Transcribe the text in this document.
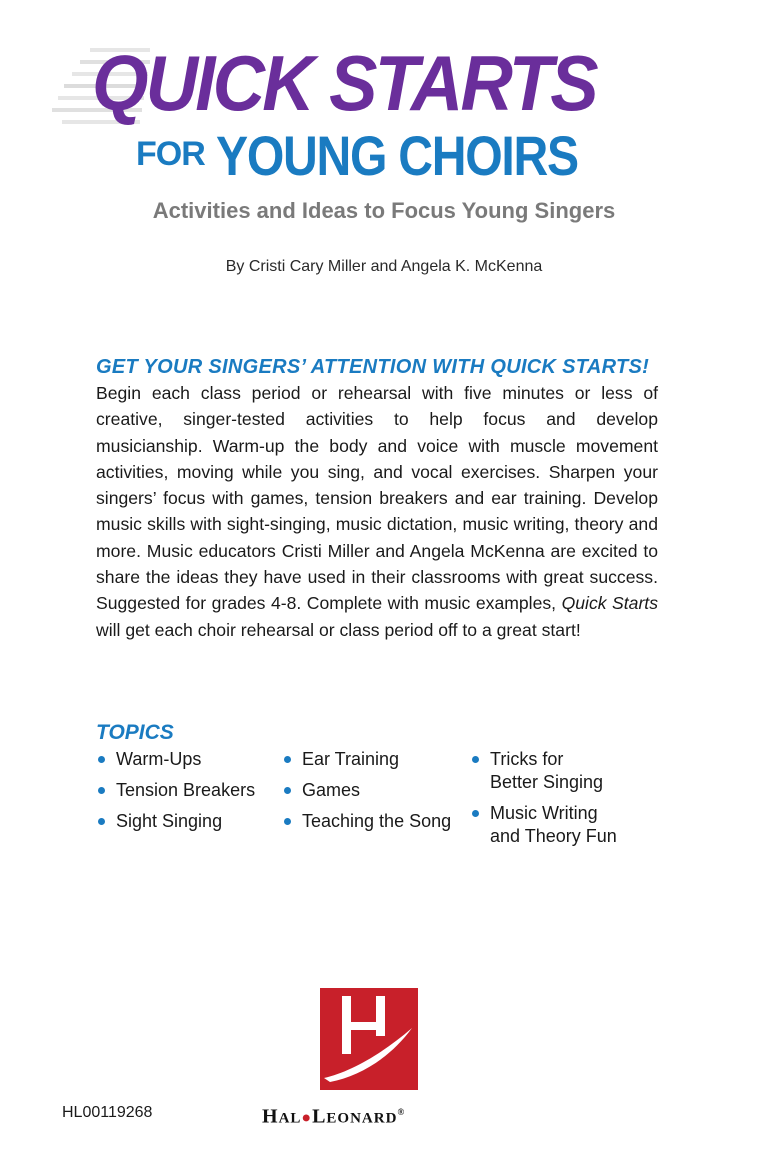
QUICK STARTS
FOR YOUNG CHOIRS
Activities and Ideas to Focus Young Singers
By Cristi Cary Miller and Angela K. McKenna
GET YOUR SINGERS’ ATTENTION WITH QUICK STARTS!
Begin each class period or rehearsal with five minutes or less of creative, singer-tested activities to help focus and develop musicianship. Warm-up the body and voice with muscle movement activities, moving while you sing, and vocal exercises. Sharpen your singers’ focus with games, tension breakers and ear training. Develop music skills with sight-singing, music dictation, music writing, theory and more. Music educators Cristi Miller and Angela McKenna are excited to share the ideas they have used in their classrooms with great success. Suggested for grades 4-8. Complete with music examples, Quick Starts will get each choir rehearsal or class period off to a great start!
TOPICS
Warm-Ups
Tension Breakers
Sight Singing
Ear Training
Games
Teaching the Song
Tricks for
Better Singing
Music Writing
and Theory Fun
HAL●LEONARD®
HL00119268
